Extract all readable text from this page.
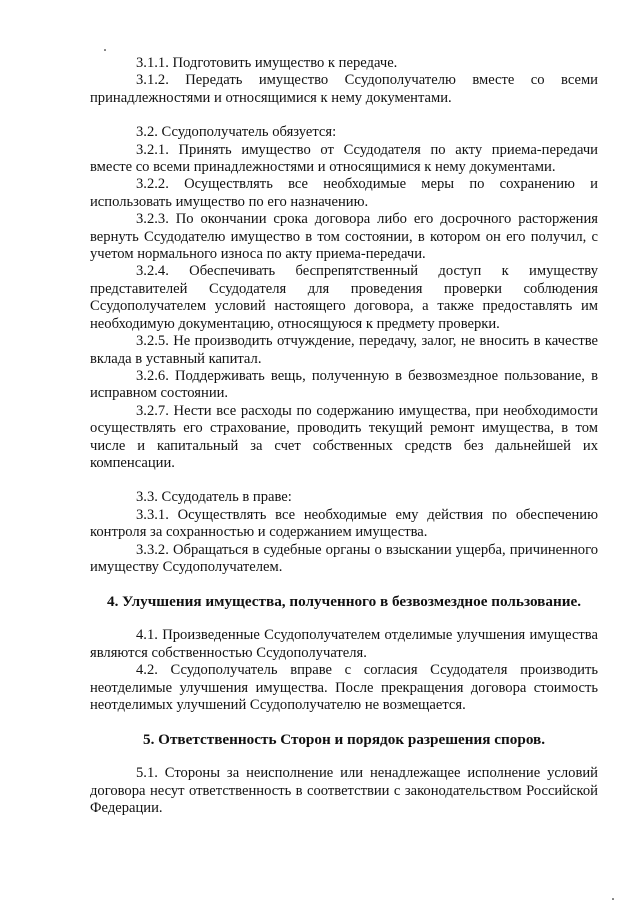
3.1.1. Подготовить имущество к передаче.

3.1.2. Передать имущество Ссудополучателю вместе со всеми принадлежностями и относящимися к нему документами.

3.2. Ссудополучатель обязуется:

3.2.1. Принять имущество от Ссудодателя по акту приема-передачи вместе со всеми принадлежностями и относящимися к нему документами.

3.2.2. Осуществлять все необходимые меры по сохранению и использовать имущество по его назначению.

3.2.3. По окончании срока договора либо его досрочного расторжения вернуть Ссудодателю имущество в том состоянии, в котором он его получил, с учетом нормального износа по акту приема-передачи.

3.2.4. Обеспечивать беспрепятственный доступ к имуществу представителей Ссудодателя для проведения проверки соблюдения Ссудополучателем условий настоящего договора, а также предоставлять им необходимую документацию, относящуюся к предмету проверки.

3.2.5. Не производить отчуждение, передачу, залог, не вносить в качестве вклада в уставный капитал.

3.2.6. Поддерживать вещь, полученную в безвозмездное пользование, в исправном состоянии.

3.2.7. Нести все расходы по содержанию имущества, при необходимости осуществлять его страхование, проводить текущий ремонт имущества, в том числе и капитальный за счет собственных средств без дальнейшей их компенсации.

3.3. Ссудодатель в праве:

3.3.1. Осуществлять все необходимые ему действия по обеспечению контроля за сохранностью и содержанием имущества.

3.3.2. Обращаться в судебные органы о взыскании ущерба, причиненного имуществу Ссудополучателем.

4. Улучшения имущества, полученного в безвозмездное пользование.

4.1. Произведенные Ссудополучателем отделимые улучшения имущества являются собственностью Ссудополучателя.

4.2. Ссудополучатель вправе с согласия Ссудодателя производить неотделимые улучшения имущества. После прекращения договора стоимость неотделимых улучшений Ссудополучателю не возмещается.

5. Ответственность Сторон и порядок разрешения споров.

5.1. Стороны за неисполнение или ненадлежащее исполнение условий договора несут ответственность в соответствии с законодательством Российской Федерации.
